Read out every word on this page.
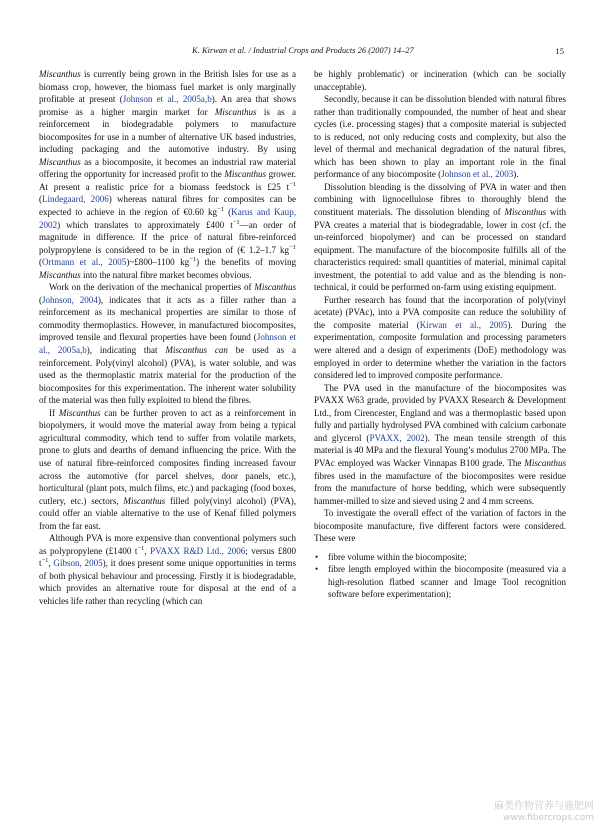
K. Kirwan et al. / Industrial Crops and Products 26 (2007) 14–27	15

Miscanthus is currently being grown in the British Isles for use as a biomass crop, however, the biomass fuel market is only marginally profitable at present (Johnson et al., 2005a,b). An area that shows promise as a higher margin market for Miscanthus is as a reinforcement in biodegradable polymers to manufacture biocomposites for use in a number of alternative UK based industries, including packaging and the automotive industry. By using Miscanthus as a biocomposite, it becomes an industrial raw material offering the opportunity for increased profit to the Miscanthus grower. At present a realistic price for a biomass feedstock is £25 $t^{-1}$ (Lindegaard, 2006) whereas natural fibres for composites can be expected to achieve in the region of €0.60 $kg^{-1}$ (Karus and Kaup, 2002) which translates to approximately £400 $t^{-1}—an$ order of magnitude in difference. If the price of natural fibre-reinforced polypropylene is considered to be in the region of (€ 1.2–1.7 $kg^{-1}$ (Ortmann et al., 2005)~£800–1100 $kg^{-1}$) the benefits of moving Miscanthus into the natural fibre market becomes obvious.

Work on the derivation of the mechanical properties of Miscanthus (Johnson, 2004), indicates that it acts as a filler rather than a reinforcement as its mechanical properties are similar to those of commodity thermoplastics. However, in manufactured biocomposites, improved tensile and flexural properties have been found (Johnson et al., 2005a,b), indicating that Miscanthus can be used as a reinforcement. Poly(vinyl alcohol) (PVA), is water soluble, and was used as the thermoplastic matrix material for the production of the biocomposites for this experimentation. The inherent water solubility of the material was then fully exploited to blend the fibres.

If Miscanthus can be further proven to act as a reinforcement in biopolymers, it would move the material away from being a typical agricultural commodity, which tend to suffer from volatile markets, prone to gluts and dearths of demand influencing the price. With the use of natural fibre-reinforced composites finding increased favour across the automotive (for parcel shelves, door panels, etc.), horticultural (plant pots, mulch films, etc.) and packaging (food boxes, cutlery, etc.) sectors, Miscanthus filled poly(vinyl alcohol) (PVA), could offer an viable alternative to the use of Kenaf filled polymers from the far east.

Although PVA is more expensive than conventional polymers such as polypropylene (£1400 $t^{-1}$, PVAXX R&D Ltd., 2006; versus £800 $t^{-1}$, Gibson, 2005), it does present some unique opportunities in terms of both physical behaviour and processing. Firstly it is biodegradable, which provides an alternative route for disposal at the end of a vehicles life rather than recycling (which can

be highly problematic) or incineration (which can be socially unacceptable).

Secondly, because it can be dissolution blended with natural fibres rather than traditionally compounded, the number of heat and shear cycles (i.e. processing stages) that a composite material is subjected to is reduced, not only reducing costs and complexity, but also the level of thermal and mechanical degradation of the natural fibres, which has been shown to play an important role in the final performance of any biocomposite (Johnson et al., 2003).

Dissolution blending is the dissolving of PVA in water and then combining with lignocellulose fibres to thoroughly blend the constituent materials. The dissolution blending of Miscanthus with PVA creates a material that is biodegradable, lower in cost (cf. the un-reinforced biopolymer) and can be processed on standard equipment. The manufacture of the biocomposite fulfills all of the characteristics required: small quantities of material, minimal capital investment, the potential to add value and as the blending is non-technical, it could be performed on-farm using existing equipment.

Further research has found that the incorporation of poly(vinyl acetate) (PVAc), into a PVA composite can reduce the solubility of the composite material (Kirwan et al., 2005). During the experimentation, composite formulation and processing parameters were altered and a design of experiments (DoE) methodology was employed in order to determine whether the variation in the factors considered led to improved composite performance.

The PVA used in the manufacture of the biocomposites was PVAXX W63 grade, provided by PVAXX Research & Development Ltd., from Cirencester, England and was a thermoplastic based upon fully and partially hydrolysed PVA combined with calcium carbonate and glycerol (PVAXX, 2002). The mean tensile strength of this material is 40 MPa and the flexural Young’s modulus 2700 MPa. The PVAc employed was Wacker Vinnapas B100 grade. The Miscanthus fibres used in the manufacture of the biocomposites were residue from the manufacture of horse bedding, which were subsequently hammer-milled to size and sieved using 2 and 4 mm screens.

To investigate the overall effect of the variation of factors in the biocomposite manufacture, five different factors were considered. These were

• fibre volume within the biocomposite;
• fibre length employed within the biocomposite (measured via a high-resolution flatbed scanner and Image Tool recognition software before experimentation);
麻类作物营养与施肥网
www.fibercrops.com
